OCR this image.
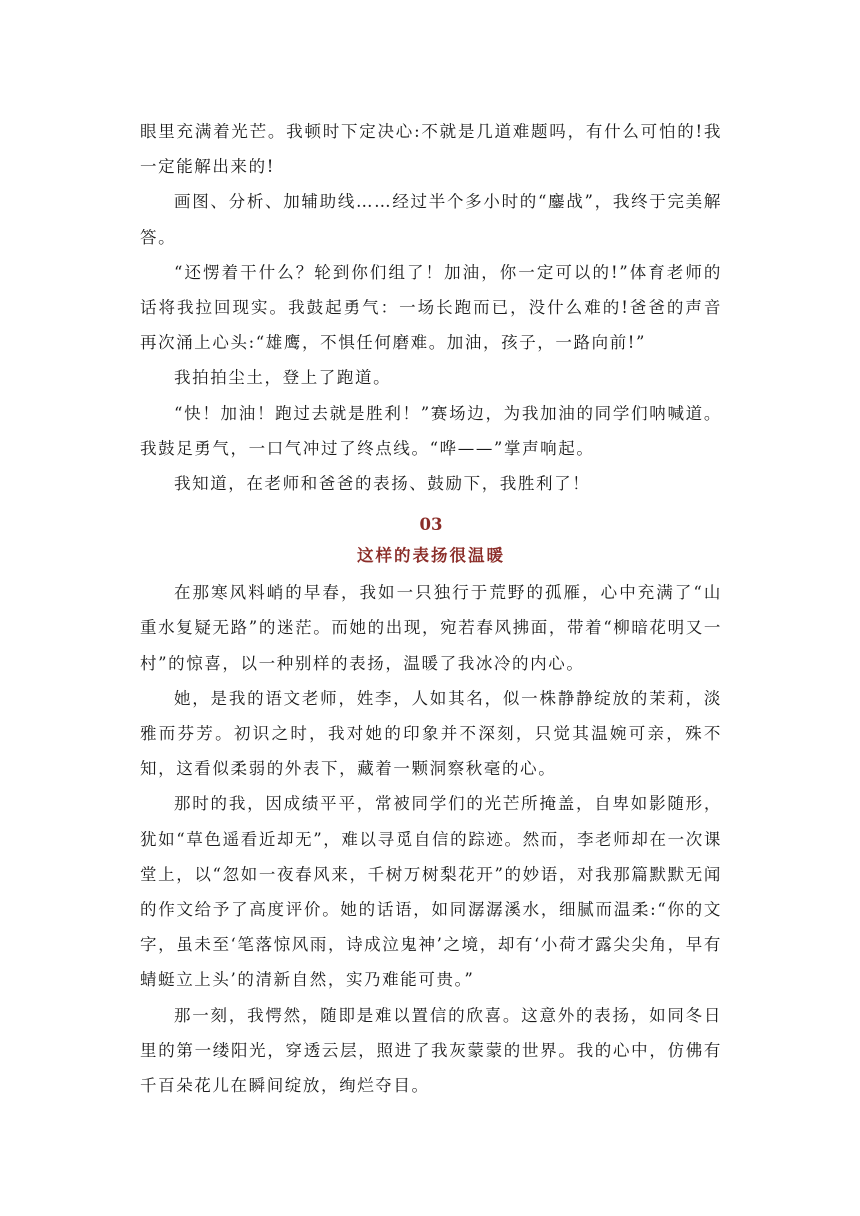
眼里充满着光芒。我顿时下定决心:不就是几道难题吗，有什么可怕的!我一定能解出来的!

画图、分析、加辅助线……经过半个多小时的“鏖战”，我终于完美解答。

“还愣着干什么？轮到你们组了！加油，你一定可以的!”体育老师的话将我拉回现实。我鼓起勇气：一场长跑而已，没什么难的!爸爸的声音再次涌上心头:“雄鹰，不惧任何磨难。加油，孩子，一路向前!”

我拍拍尘土，登上了跑道。

“快！加油！跑过去就是胜利！”赛场边，为我加油的同学们呐喊道。我鼓足勇气，一口气冲过了终点线。“哗——”掌声响起。

我知道，在老师和爸爸的表扬、鼓励下，我胜利了！

03
这样的表扬很温暖

在那寒风料峭的早春，我如一只独行于荒野的孤雁，心中充满了“山重水复疑无路”的迷茫。而她的出现，宛若春风拂面，带着“柳暗花明又一村”的惊喜，以一种别样的表扬，温暖了我冰冷的内心。

她，是我的语文老师，姓李，人如其名，似一株静静绽放的茉莉，淡雅而芬芳。初识之时，我对她的印象并不深刻，只觉其温婉可亲，殊不知，这看似柔弱的外表下，藏着一颗洞察秋毫的心。

那时的我，因成绩平平，常被同学们的光芒所掩盖，自卑如影随形，犹如“草色遥看近却无”，难以寻觅自信的踪迹。然而，李老师却在一次课堂上，以“忽如一夜春风来，千树万树梨花开”的妙语，对我那篇默默无闻的作文给予了高度评价。她的话语，如同潺潺溪水，细腻而温柔:“你的文字，虽未至‘笔落惊风雨，诗成泣鬼神’之境，却有‘小荷才露尖尖角，早有蜻蜓立上头’的清新自然，实乃难能可贵。”

那一刻，我愕然，随即是难以置信的欣喜。这意外的表扬，如同冬日里的第一缕阳光，穿透云层，照进了我灰蒙蒙的世界。我的心中，仿佛有千百朵花儿在瞬间绽放，绚烂夺目。
